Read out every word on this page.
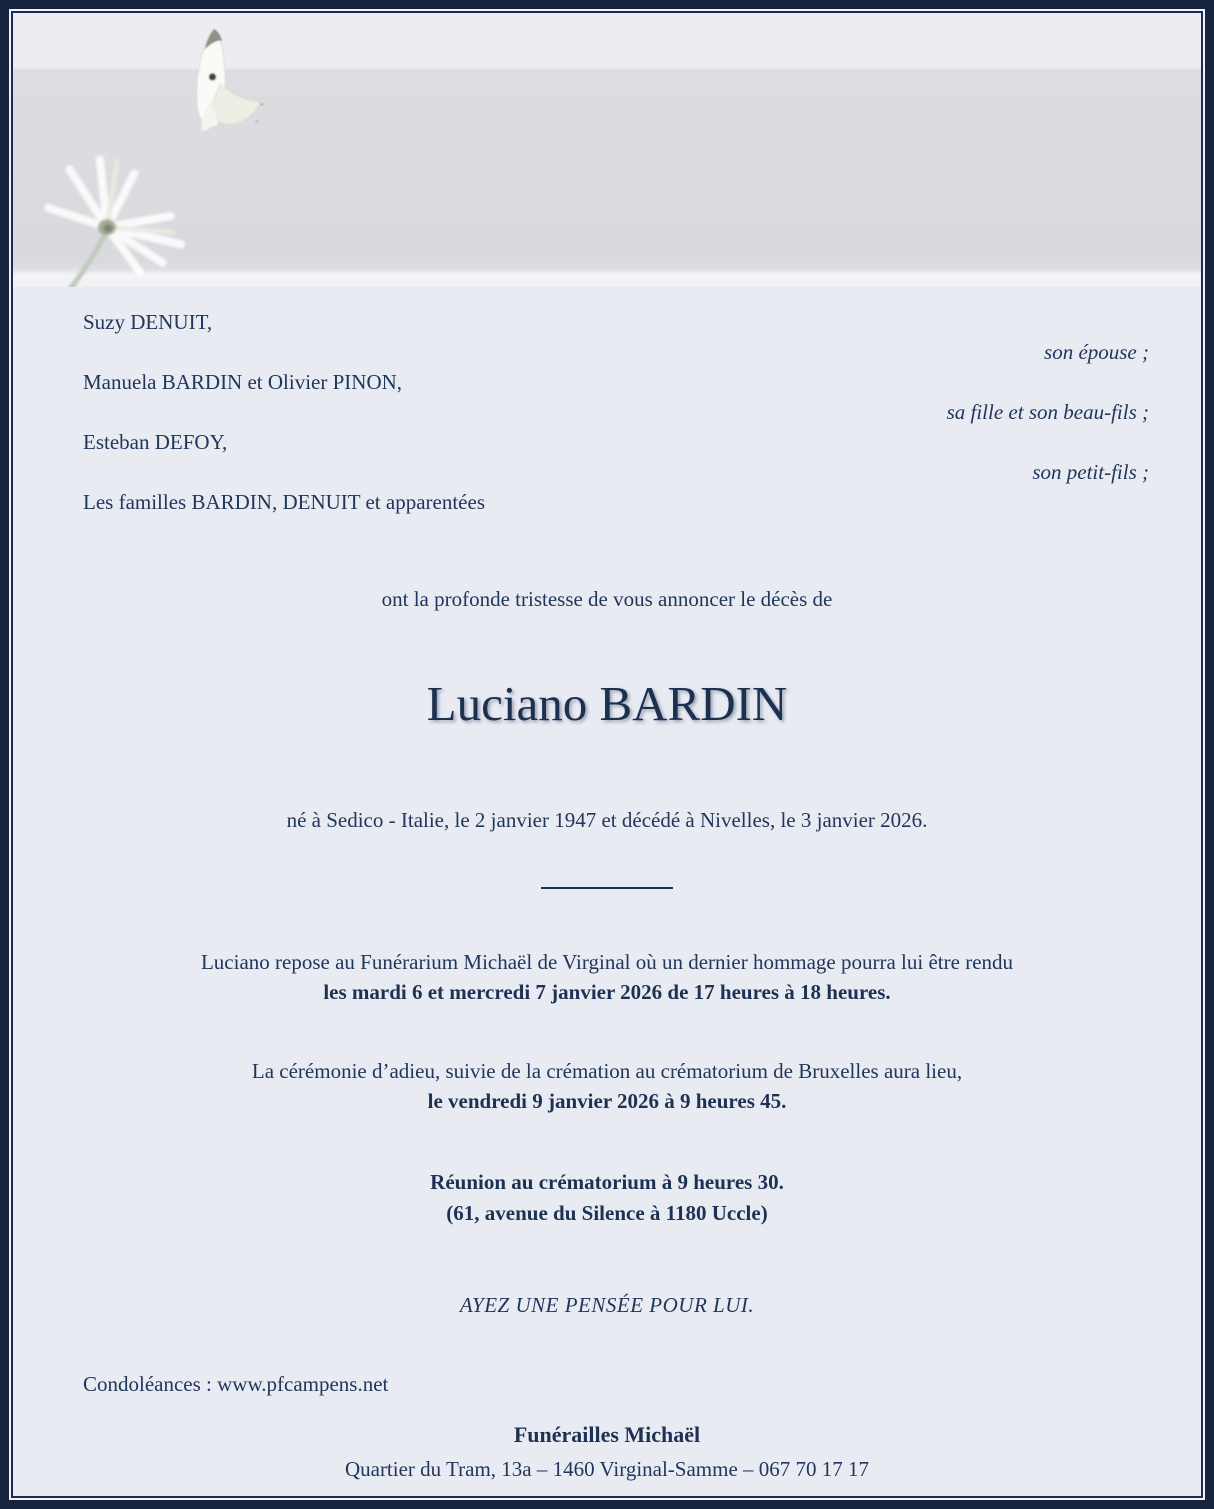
Suzy DENUIT,
son épouse ;
Manuela BARDIN et Olivier PINON,
sa fille et son beau-fils ;
Esteban DEFOY,
son petit-fils ;
Les familles BARDIN, DENUIT et apparentées
ont la profonde tristesse de vous annoncer le décès de
Luciano BARDIN
né à Sedico - Italie, le 2 janvier 1947 et décédé à Nivelles, le 3 janvier 2026.
Luciano repose au Funérarium Michaël de Virginal où un dernier hommage pourra lui être rendu
les mardi 6 et mercredi 7 janvier 2026 de 17 heures à 18 heures.
La cérémonie d’adieu, suivie de la crémation au crématorium de Bruxelles aura lieu,
le vendredi 9 janvier 2026 à 9 heures 45.
Réunion au crématorium à 9 heures 30.
(61, avenue du Silence à 1180 Uccle)
AYEZ UNE PENSÉE POUR LUI.
Condoléances : www.pfcampens.net
Funérailles Michaël
Quartier du Tram, 13a – 1460 Virginal-Samme – 067 70 17 17
